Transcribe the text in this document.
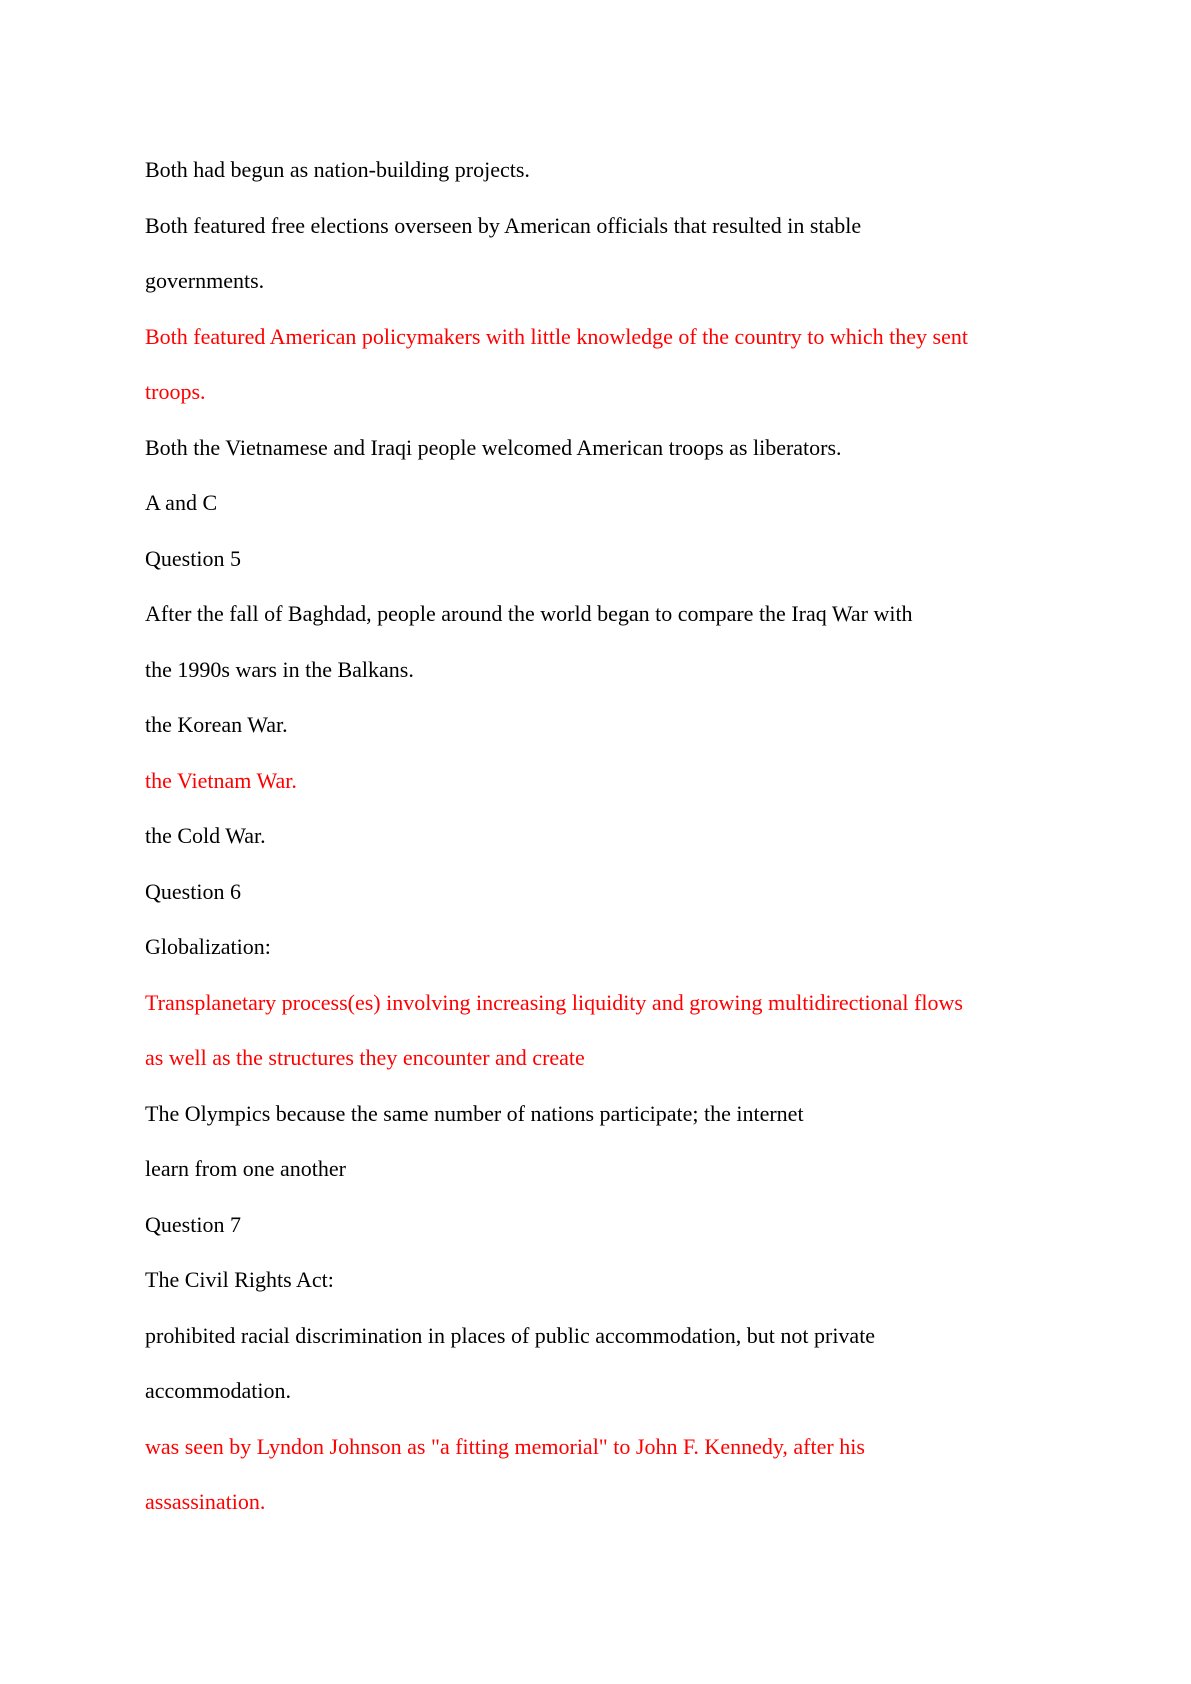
Both had begun as nation-building projects.
Both featured free elections overseen by American officials that resulted in stable
governments.
Both featured American policymakers with little knowledge of the country to which they sent
troops.
Both the Vietnamese and Iraqi people welcomed American troops as liberators.
A and C
Question 5
After the fall of Baghdad, people around the world began to compare the Iraq War with
the 1990s wars in the Balkans.
the Korean War.
the Vietnam War.
the Cold War.
Question 6
Globalization:
Transplanetary process(es) involving increasing liquidity and growing multidirectional flows
as well as the structures they encounter and create
The Olympics because the same number of nations participate; the internet
learn from one another
Question 7
The Civil Rights Act:
prohibited racial discrimination in places of public accommodation, but not private
accommodation.
was seen by Lyndon Johnson as "a fitting memorial" to John F. Kennedy, after his
assassination.
